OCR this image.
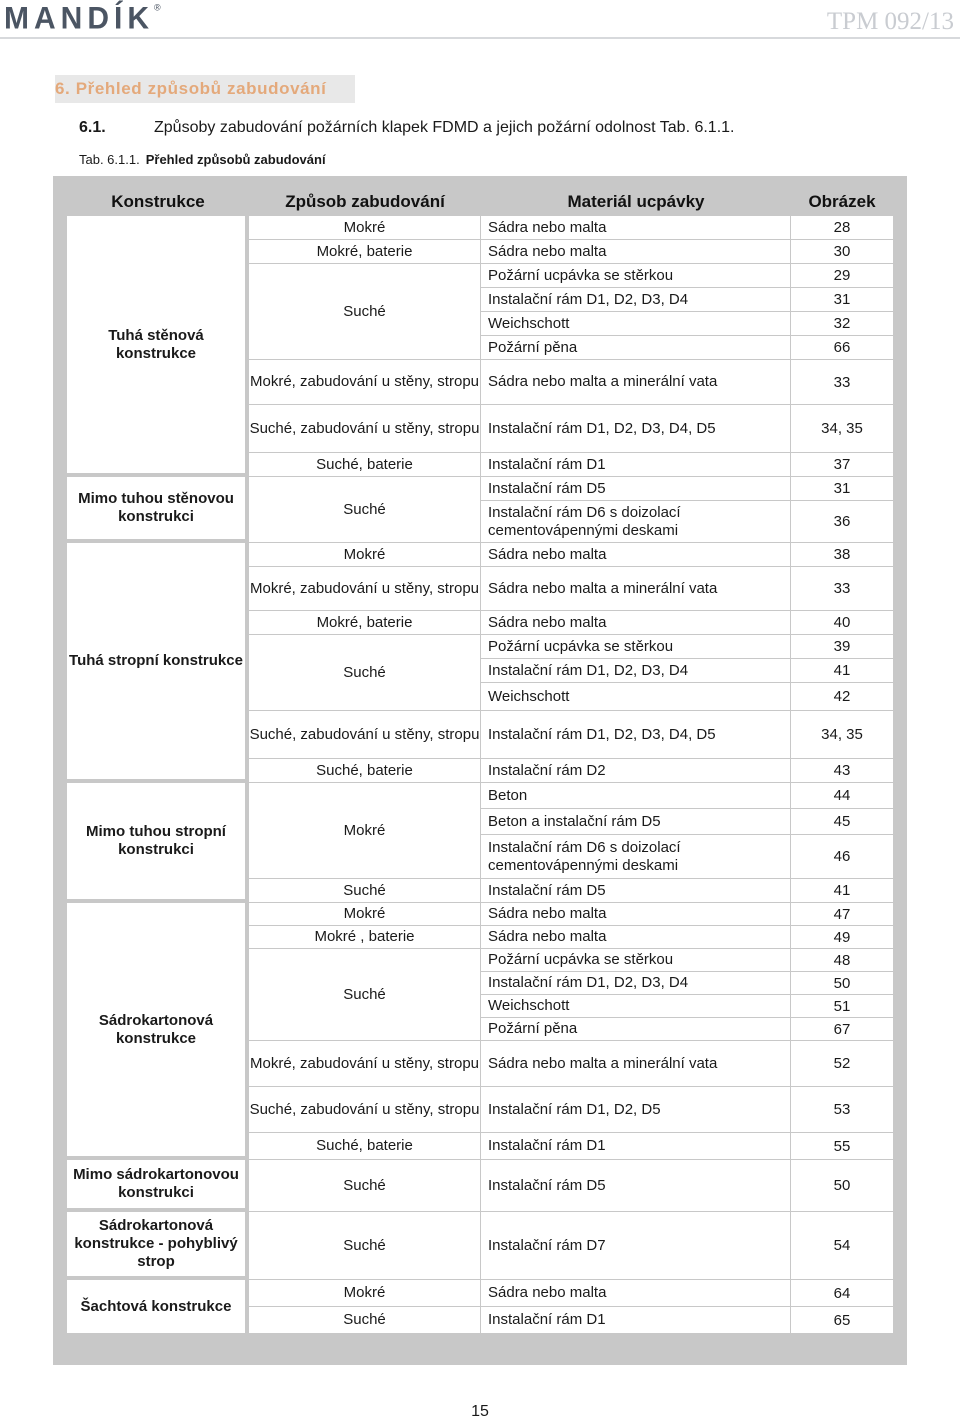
MANDÍK®
TPM 092/13
6. Přehled způsobů zabudování
6.1.	Způsoby zabudování požárních klapek FDMD a jejich požární odolnost Tab. 6.1.1.
Tab. 6.1.1. Přehled způsobů zabudování
Konstrukce	Způsob zabudování	Materiál ucpávky	Obrázek
Tuhá stěnová konstrukce	Mokré	Sádra nebo malta	28
	Mokré, baterie	Sádra nebo malta	30
	Suché	Požární ucpávka se stěrkou	29
		Instalační rám D1, D2, D3, D4	31
		Weichschott	32
		Požární pěna	66
	Mokré, zabudování u stěny, stropu	Sádra nebo malta a minerální vata	33
	Suché, zabudování u stěny, stropu	Instalační rám D1, D2, D3, D4, D5	34, 35
	Suché, baterie	Instalační rám D1	37
Mimo tuhou stěnovou konstrukci	Suché	Instalační rám D5	31
		Instalační rám D6 s doizolací cementovápennými deskami	36
Tuhá stropní konstrukce	Mokré	Sádra nebo malta	38
	Mokré, zabudování u stěny, stropu	Sádra nebo malta a minerální vata	33
	Mokré, baterie	Sádra nebo malta	40
	Suché	Požární ucpávka se stěrkou	39
		Instalační rám D1, D2, D3, D4	41
		Weichschott	42
	Suché, zabudování u stěny, stropu	Instalační rám D1, D2, D3, D4, D5	34, 35
	Suché, baterie	Instalační rám D2	43
Mimo tuhou stropní konstrukci	Mokré	Beton	44
		Beton a instalační rám D5	45
		Instalační rám D6 s doizolací cementovápennými deskami	46
	Suché	Instalační rám D5	41
Sádrokartonová konstrukce	Mokré	Sádra nebo malta	47
	Mokré , baterie	Sádra nebo malta	49
	Suché	Požární ucpávka se stěrkou	48
		Instalační rám D1, D2, D3, D4	50
		Weichschott	51
		Požární pěna	67
	Mokré, zabudování u stěny, stropu	Sádra nebo malta a minerální vata	52
	Suché, zabudování u stěny, stropu	Instalační rám D1, D2, D5	53
	Suché, baterie	Instalační rám D1	55
Mimo sádrokartonovou konstrukci	Suché	Instalační rám D5	50
Sádrokartonová konstrukce - pohyblivý strop	Suché	Instalační rám D7	54
Šachtová konstrukce	Mokré	Sádra nebo malta	64
	Suché	Instalační rám D1	65
15
